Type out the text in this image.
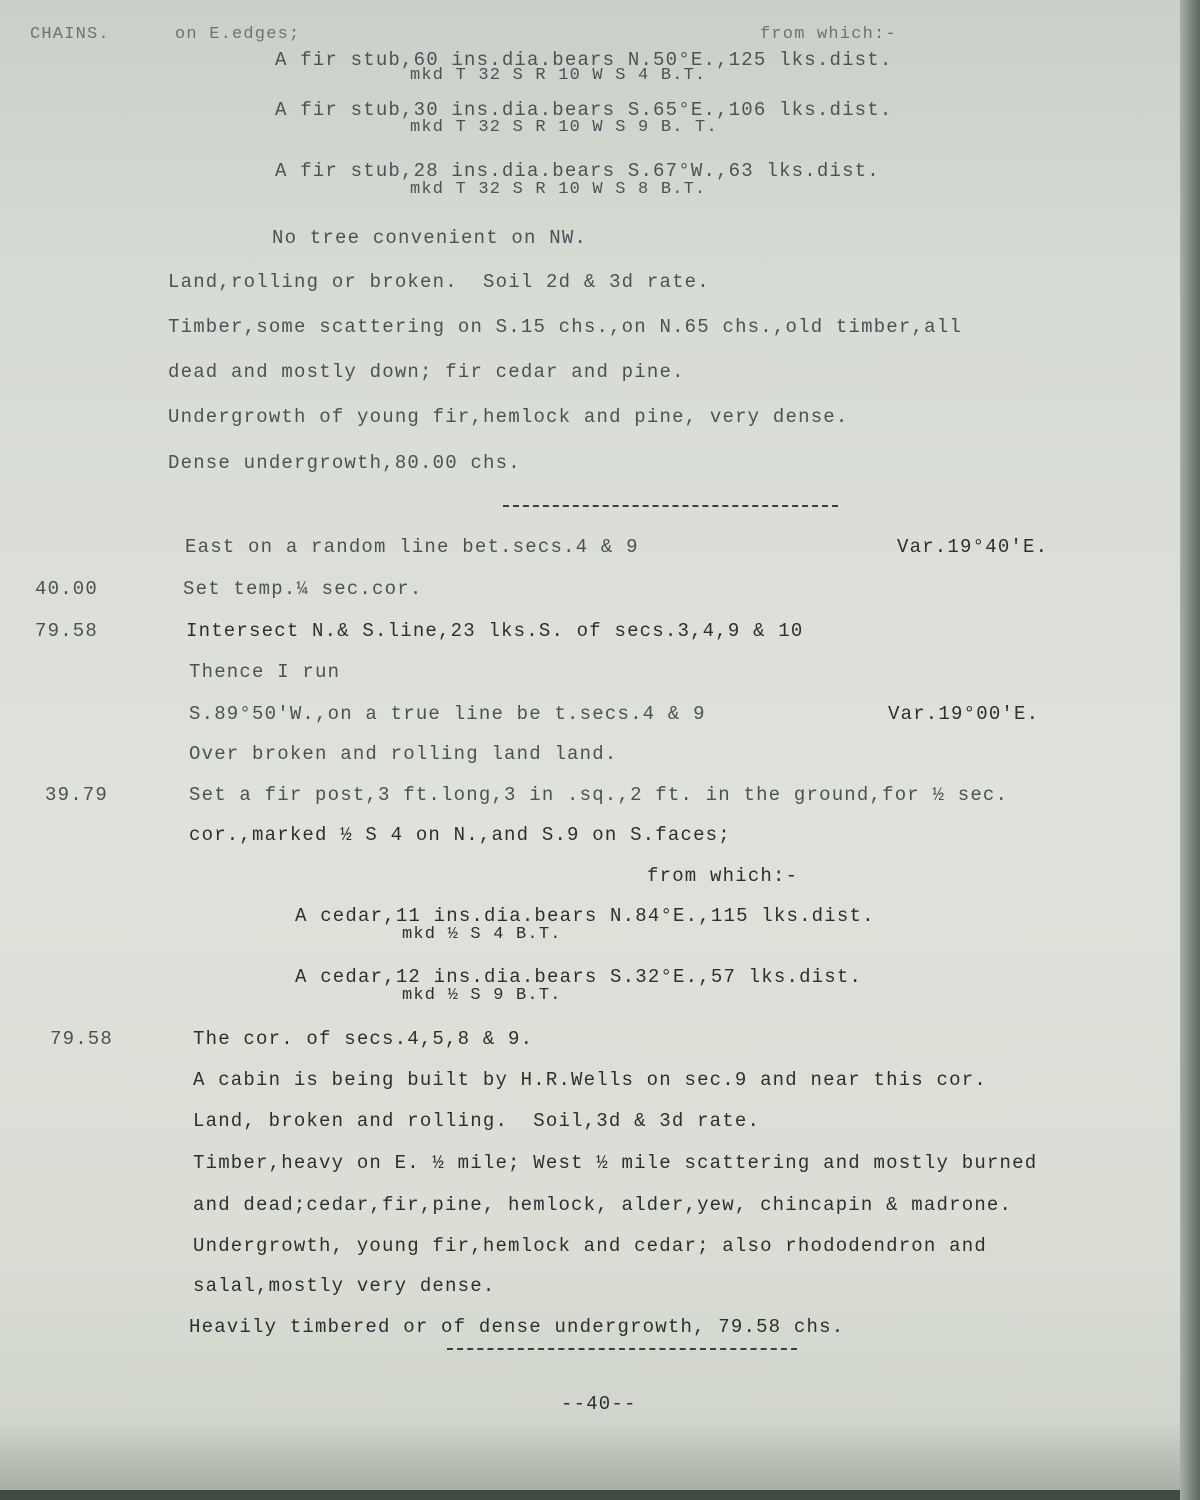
CHAINS.	on E.edges;	from which:-
A fir stub,60 ins.dia.bears N.50°E.,125 lks.dist.
mkd T 32 S R 10 W S 4 B.T.
A fir stub,30 ins.dia.bears S.65°E.,106 lks.dist.
mkd T 32 S R 10 W S 9 B. T.
A fir stub,28 ins.dia.bears S.67°W.,63 lks.dist.
mkd T 32 S R 10 W S 8 B.T.
No tree convenient on NW.
Land,rolling or broken.  Soil 2d & 3d rate.
Timber,some scattering on S.15 chs.,on N.65 chs.,old timber,all
dead and mostly down; fir cedar and pine.
Undergrowth of young fir,hemlock and pine, very dense.
Dense undergrowth,80.00 chs.
East on a random line bet.secs.4 & 9	Var.19°40'E.
40.00	Set temp.¼ sec.cor.
79.58	Intersect N.& S.line,23 lks.S. of secs.3,4,9 & 10
Thence I run
S.89°50'W.,on a true line be t.secs.4 & 9	Var.19°00'E.
Over broken and rolling land land.
39.79	Set a fir post,3 ft.long,3 in .sq.,2 ft. in the ground,for ½ sec.
cor.,marked ½ S 4 on N.,and S.9 on S.faces;
from which:-
A cedar,11 ins.dia.bears N.84°E.,115 lks.dist.
mkd ½ S 4 B.T.
A cedar,12 ins.dia.bears S.32°E.,57 lks.dist.
mkd ½ S 9 B.T.
79.58	The cor. of secs.4,5,8 & 9.
A cabin is being built by H.R.Wells on sec.9 and near this cor.
Land, broken and rolling.  Soil,3d & 3d rate.
Timber,heavy on E. ½ mile; West ½ mile scattering and mostly burned
and dead;cedar,fir,pine, hemlock, alder,yew, chincapin & madrone.
Undergrowth, young fir,hemlock and cedar; also rhododendron and
salal,mostly very dense.
Heavily timbered or of dense undergrowth, 79.58 chs.
--40--
